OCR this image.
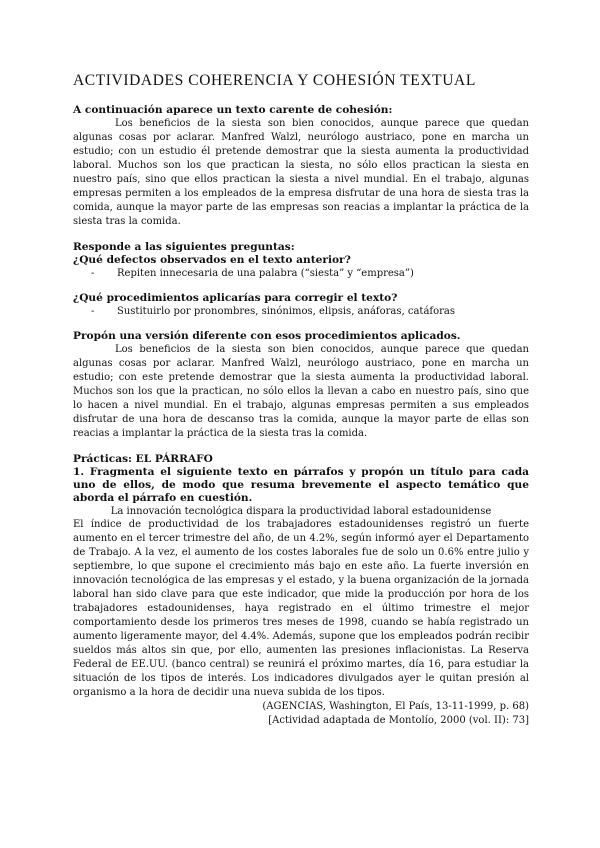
ACTIVIDADES COHERENCIA Y COHESIÓN TEXTUAL

A continuación aparece un texto carente de cohesión:

Los beneficios de la siesta son bien conocidos, aunque parece que quedan algunas cosas por aclarar. Manfred Walzl, neurólogo austriaco, pone en marcha un estudio; con un estudio él pretende demostrar que la siesta aumenta la productividad laboral. Muchos son los que practican la siesta, no sólo ellos practican la siesta en nuestro país, sino que ellos practican la siesta a nivel mundial. En el trabajo, algunas empresas permiten a los empleados de la empresa disfrutar de una hora de siesta tras la comida, aunque la mayor parte de las empresas son reacias a implantar la práctica de la siesta tras la comida.

Responde a las siguientes preguntas:

¿Qué defectos observados en el texto anterior?

- Repiten innecesaria de una palabra (“siesta” y “empresa”)

¿Qué procedimientos aplicarías para corregir el texto?

- Sustituirlo por pronombres, sinónimos, elipsis, anáforas, catáforas

Propón una versión diferente con esos procedimientos aplicados.

Los beneficios de la siesta son bien conocidos, aunque parece que quedan algunas cosas por aclarar. Manfred Walzl, neurólogo austriaco, pone en marcha un estudio; con este pretende demostrar que la siesta aumenta la productividad laboral. Muchos son los que la practican, no sólo ellos la llevan a cabo en nuestro país, sino que lo hacen a nivel mundial. En el trabajo, algunas empresas permiten a sus empleados disfrutar de una hora de descanso tras la comida, aunque la mayor parte de ellas son reacias a implantar la práctica de la siesta tras la comida.

Prácticas: EL PÁRRAFO

1. Fragmenta el siguiente texto en párrafos y propón un título para cada uno de ellos, de modo que resuma brevemente el aspecto temático que aborda el párrafo en cuestión.

La innovación tecnológica dispara la productividad laboral estadounidense

El índice de productividad de los trabajadores estadounidenses registró un fuerte aumento en el tercer trimestre del año, de un 4.2%, según informó ayer el Departamento de Trabajo. A la vez, el aumento de los costes laborales fue de solo un 0.6% entre julio y septiembre, lo que supone el crecimiento más bajo en este año. La fuerte inversión en innovación tecnológica de las empresas y el estado, y la buena organización de la jornada laboral han sido clave para que este indicador, que mide la producción por hora de los trabajadores estadounidenses, haya registrado en el último trimestre el mejor comportamiento desde los primeros tres meses de 1998, cuando se había registrado un aumento ligeramente mayor, del 4.4%. Además, supone que los empleados podrán recibir sueldos más altos sin que, por ello, aumenten las presiones inflacionistas. La Reserva Federal de EE.UU. (banco central) se reunirá el próximo martes, día 16, para estudiar la situación de los tipos de interés. Los indicadores divulgados ayer le quitan presión al organismo a la hora de decidir una nueva subida de los tipos.

(AGENCIAS, Washington, El País, 13-11-1999, p. 68)

[Actividad adaptada de Montolío, 2000 (vol. II): 73]
